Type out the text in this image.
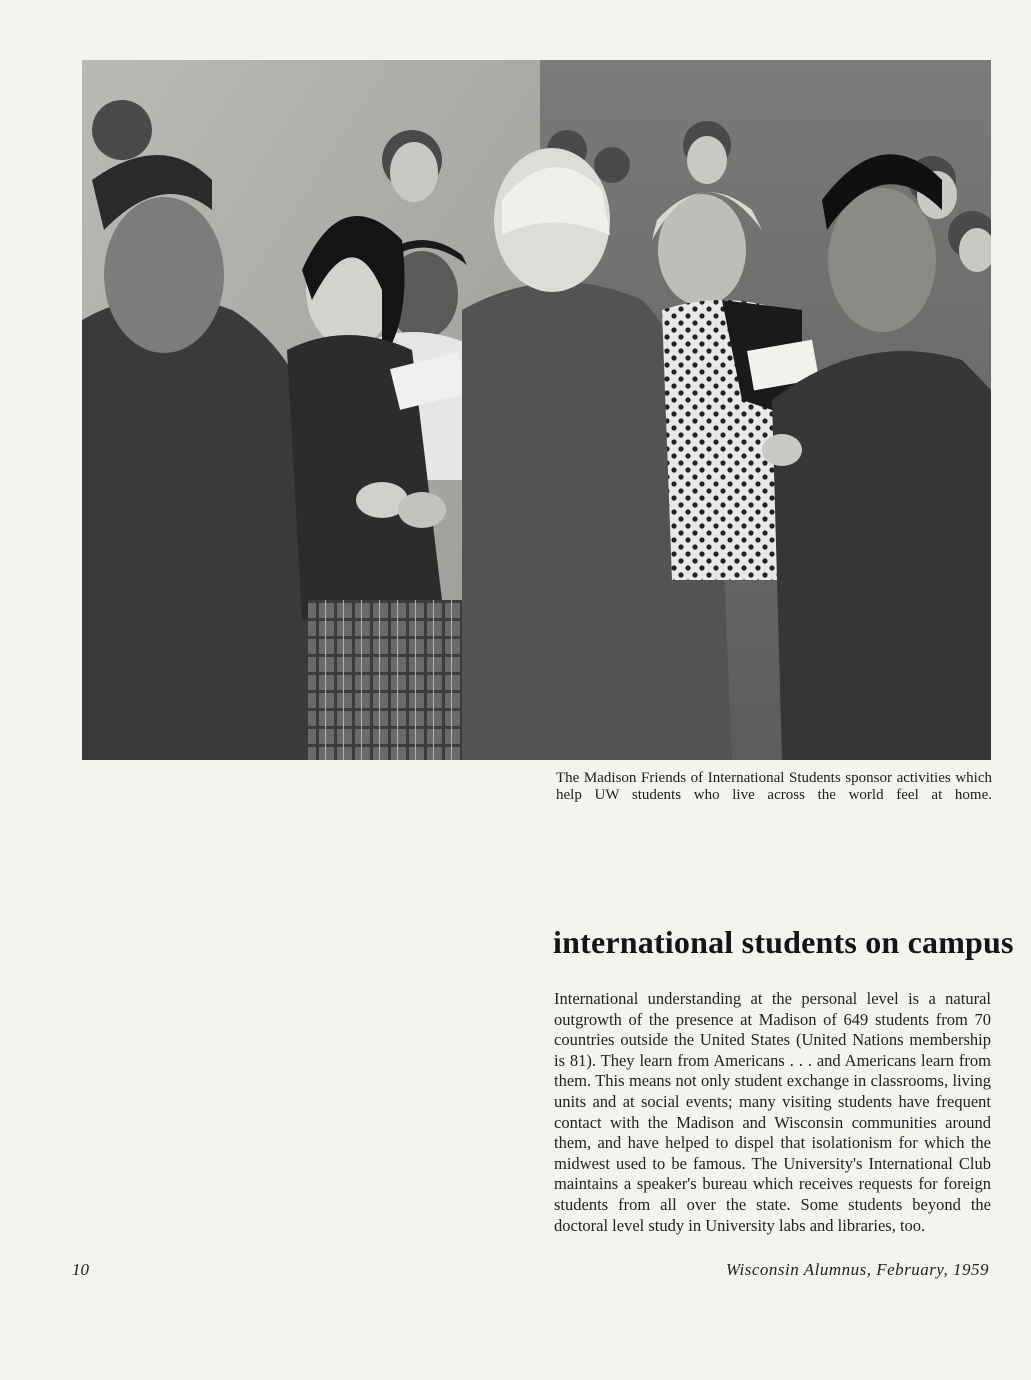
The Madison Friends of International Students sponsor activities which help UW students who live across the world feel at home.

international students on campus

International understanding at the personal level is a natural outgrowth of the presence at Madison of 649 students from 70 countries outside the United States (United Nations membership is 81). They learn from Americans . . . and Americans learn from them. This means not only student exchange in classrooms, living units and at social events; many visiting students have frequent contact with the Madison and Wisconsin communities around them, and have helped to dispel that isolationism for which the midwest used to be famous. The University's International Club maintains a speaker's bureau which receives requests for foreign students from all over the state. Some students beyond the doctoral level study in University labs and libraries, too.

10	Wisconsin Alumnus, February, 1959
